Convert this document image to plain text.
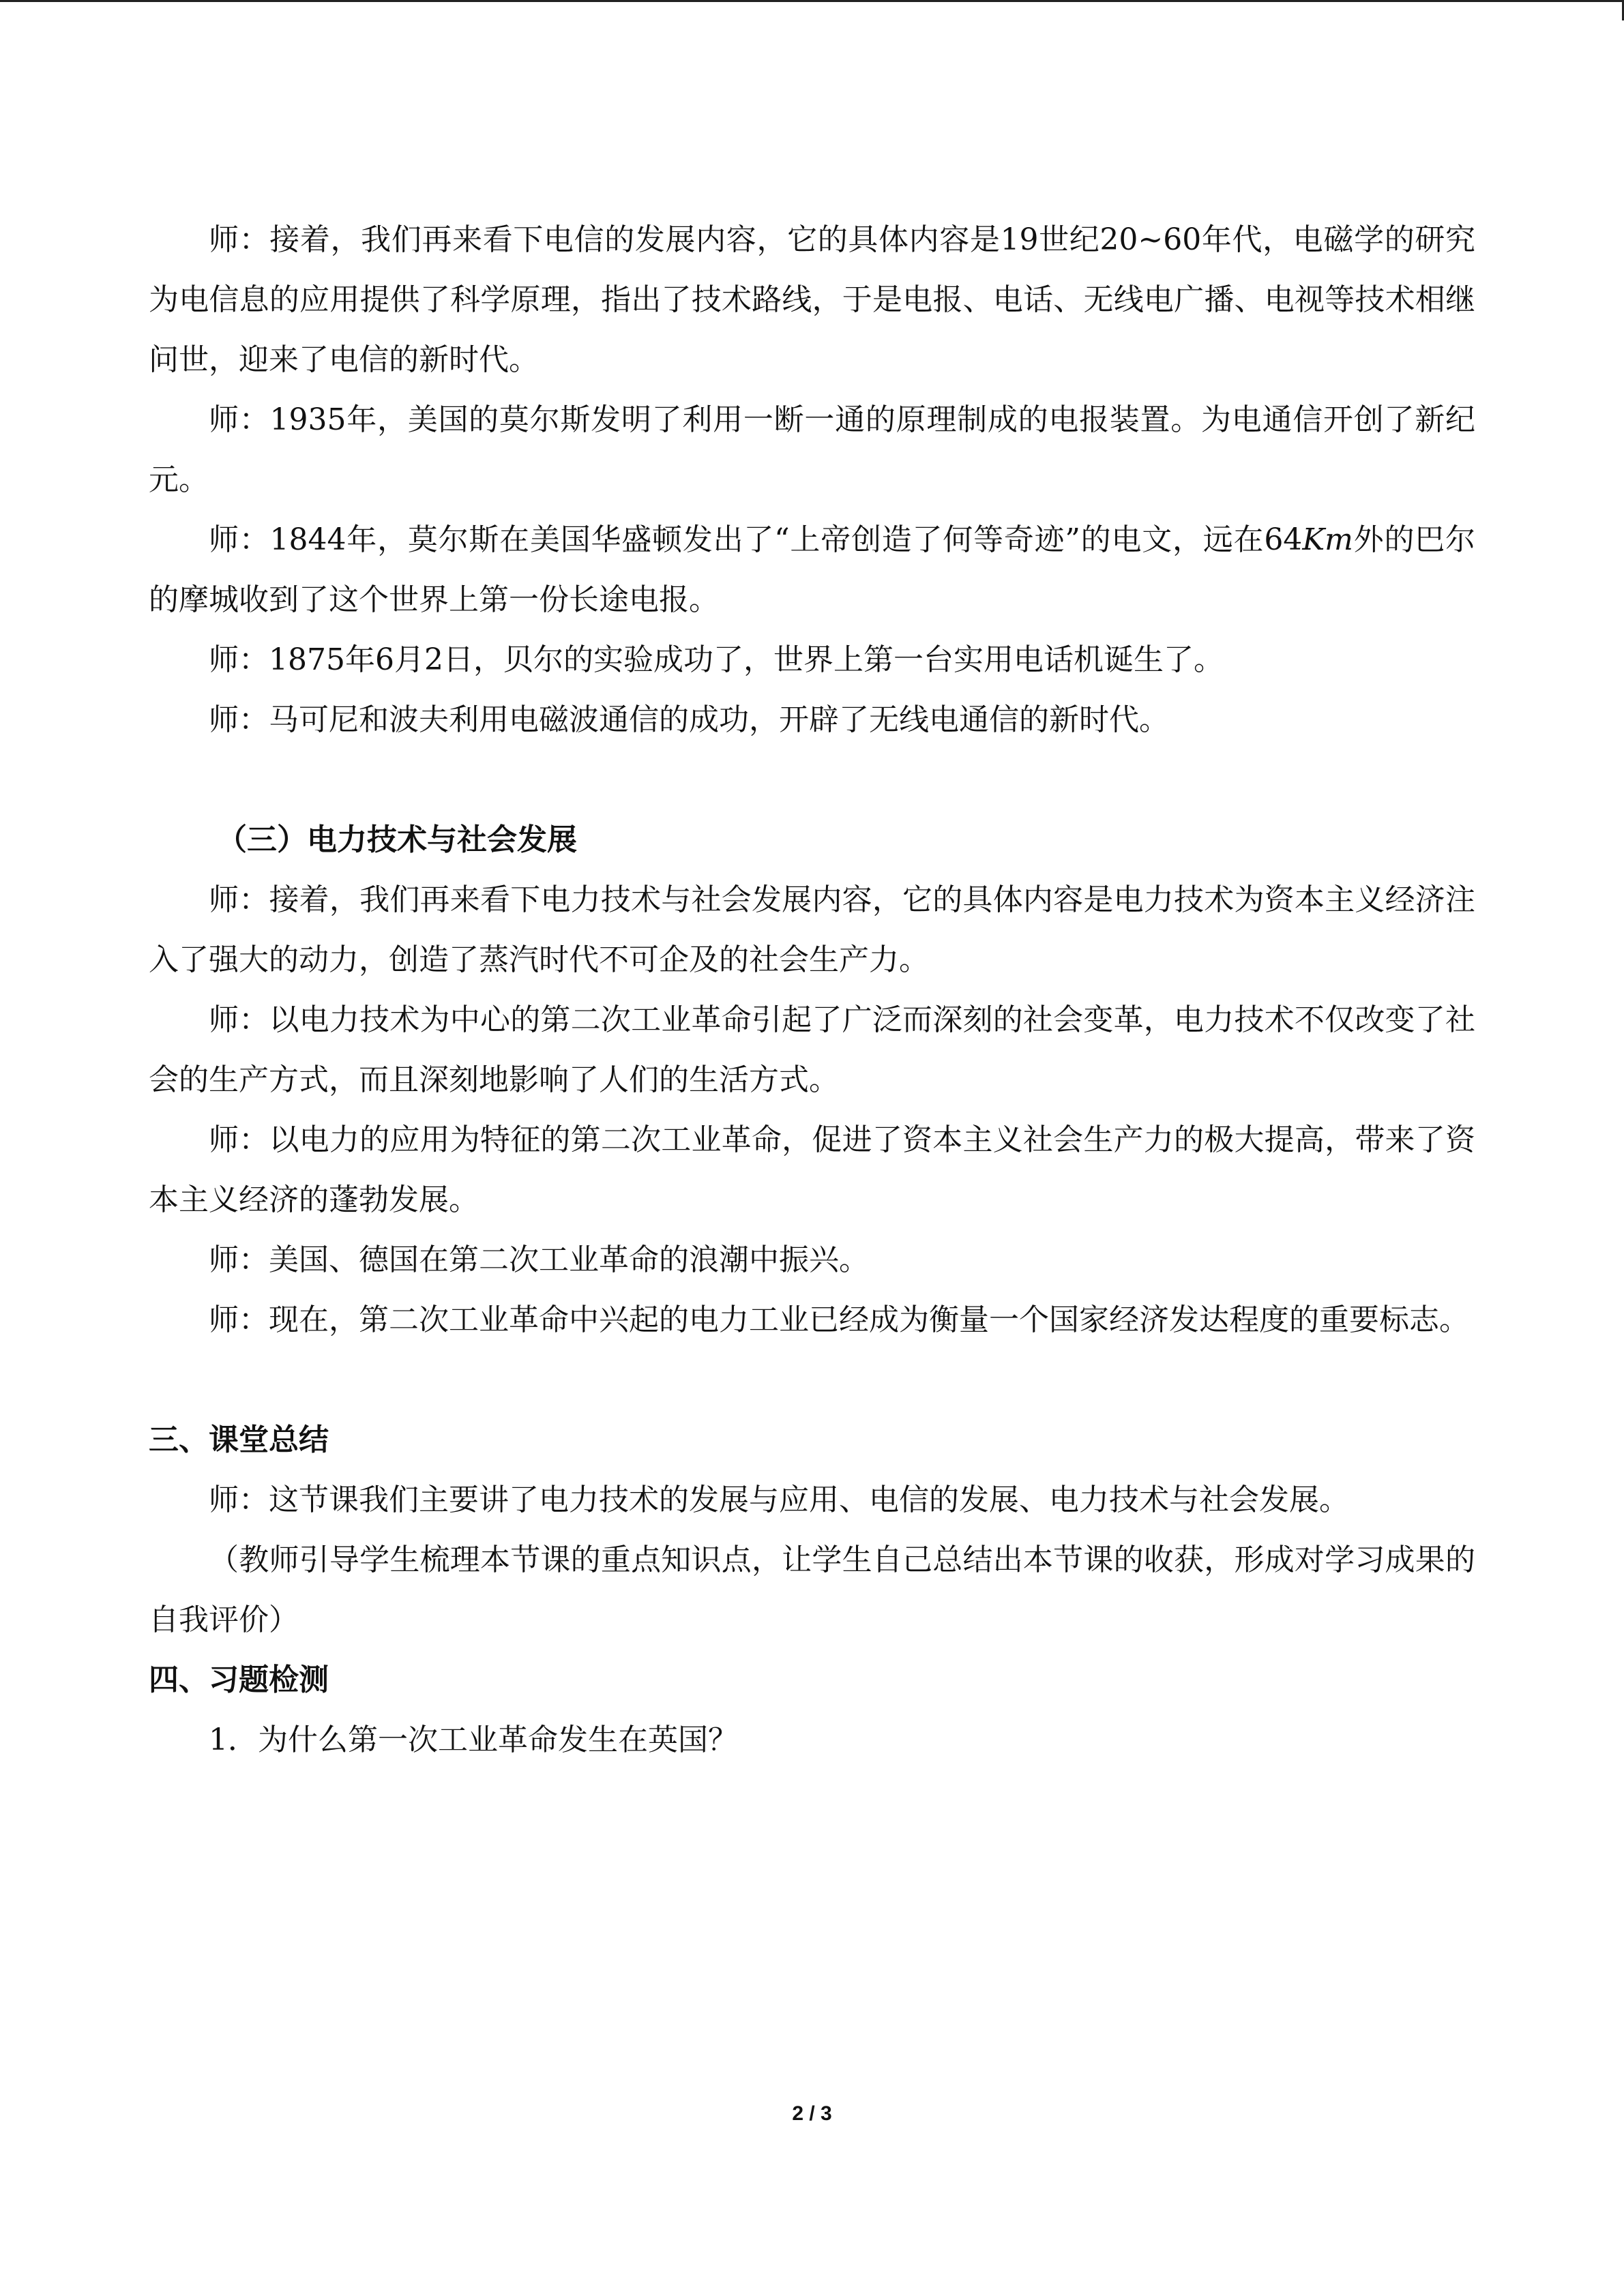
师：接着，我们再来看下电信的发展内容，它的具体内容是19世纪20~60年代，电磁学的研究为电信息的应用提供了科学原理，指出了技术路线，于是电报、电话、无线电广播、电视等技术相继问世，迎来了电信的新时代。

师：1935年，美国的莫尔斯发明了利用一断一通的原理制成的电报装置。为电通信开创了新纪元。

师：1844年，莫尔斯在美国华盛顿发出了“上帝创造了何等奇迹”的电文，远在64Km外的巴尔的摩城收到了这个世界上第一份长途电报。

师：1875年6月2日，贝尔的实验成功了，世界上第一台实用电话机诞生了。

师：马可尼和波夫利用电磁波通信的成功，开辟了无线电通信的新时代。

（三）电力技术与社会发展

师：接着，我们再来看下电力技术与社会发展内容，它的具体内容是电力技术为资本主义经济注入了强大的动力，创造了蒸汽时代不可企及的社会生产力。

师：以电力技术为中心的第二次工业革命引起了广泛而深刻的社会变革，电力技术不仅改变了社会的生产方式，而且深刻地影响了人们的生活方式。

师：以电力的应用为特征的第二次工业革命，促进了资本主义社会生产力的极大提高，带来了资本主义经济的蓬勃发展。

师：美国、德国在第二次工业革命的浪潮中振兴。

师：现在，第二次工业革命中兴起的电力工业已经成为衡量一个国家经济发达程度的重要标志。

三、课堂总结

师：这节课我们主要讲了电力技术的发展与应用、电信的发展、电力技术与社会发展。

（教师引导学生梳理本节课的重点知识点，让学生自己总结出本节课的收获，形成对学习成果的自我评价）

四、习题检测

1．为什么第一次工业革命发生在英国？

2 / 3
